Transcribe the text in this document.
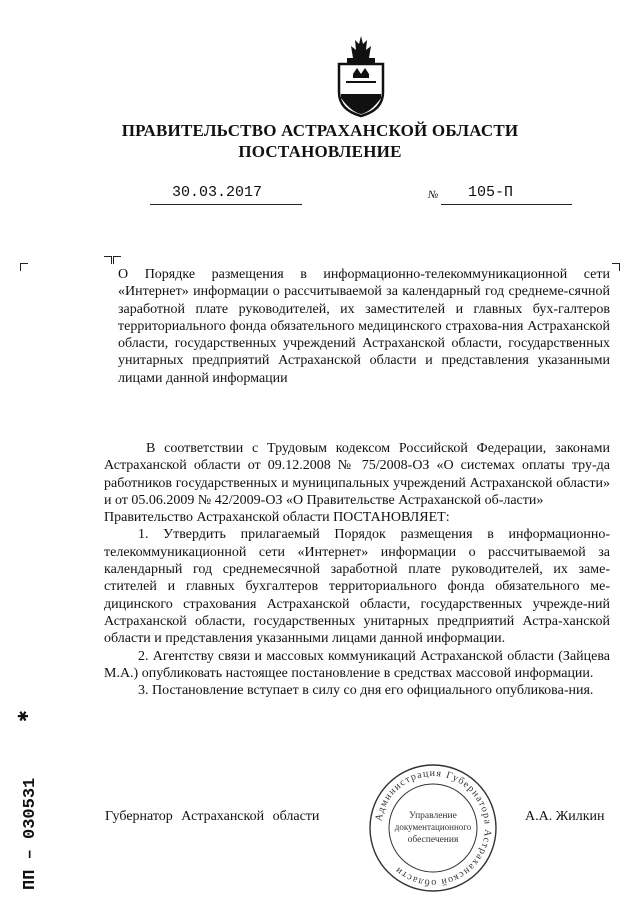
ПРАВИТЕЛЬСТВО АСТРАХАНСКОЙ ОБЛАСТИ
ПОСТАНОВЛЕНИЕ
30.03.2017	№ 105-П

О Порядке размещения в информационно-телекоммуникационной сети «Интернет» информации о рассчитываемой за календарный год среднеме-сячной заработной плате руководителей, их заместителей и главных бух-галтеров территориального фонда обязательного медицинского страхова-ния Астраханской области, государственных учреждений Астраханской области, государственных унитарных предприятий Астраханской области и представления указанными лицами данной информации

В соответствии с Трудовым кодексом Российской Федерации, законами Астраханской области от 09.12.2008 № 75/2008-ОЗ «О системах оплаты тру-да работников государственных и муниципальных учреждений Астраханской области» и от 05.06.2009 № 42/2009-ОЗ «О Правительстве Астраханской об-ласти»

Правительство Астраханской области ПОСТАНОВЛЯЕТ:

1. Утвердить прилагаемый Порядок размещения в информационно-телекоммуникационной сети «Интернет» информации о рассчитываемой за календарный год среднемесячной заработной плате руководителей, их заме-стителей и главных бухгалтеров территориального фонда обязательного ме-дицинского страхования Астраханской области, государственных учрежде-ний Астраханской области, государственных унитарных предприятий Астра-ханской области и представления указанными лицами данной информации.

2. Агентству связи и массовых коммуникаций Астраханской области (Зайцева М.А.) опубликовать настоящее постановление в средствах массовой информации.

3. Постановление вступает в силу со дня его официального опубликова-ния.

Губернатор Астраханской области	А.А. Жилкин
Администрация Губернатора Астраханской области
Управление
документационного
обеспечения
ПП – 030531
✱
